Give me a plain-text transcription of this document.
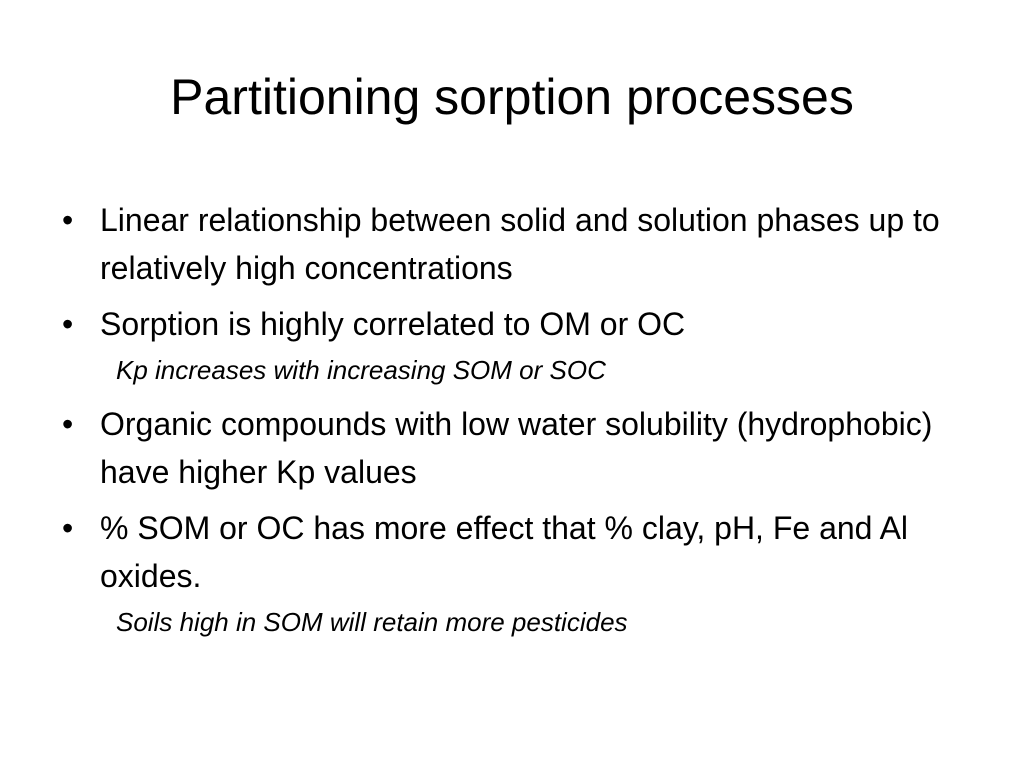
Partitioning sorption processes
• Linear relationship between solid and solution phases up to relatively high concentrations
• Sorption is highly correlated to OM or OC
Kp increases with increasing SOM or SOC
• Organic compounds with low water solubility (hydrophobic) have higher Kp values
• % SOM or OC has more effect that % clay, pH, Fe and Al oxides.
Soils high in SOM will retain more pesticides
